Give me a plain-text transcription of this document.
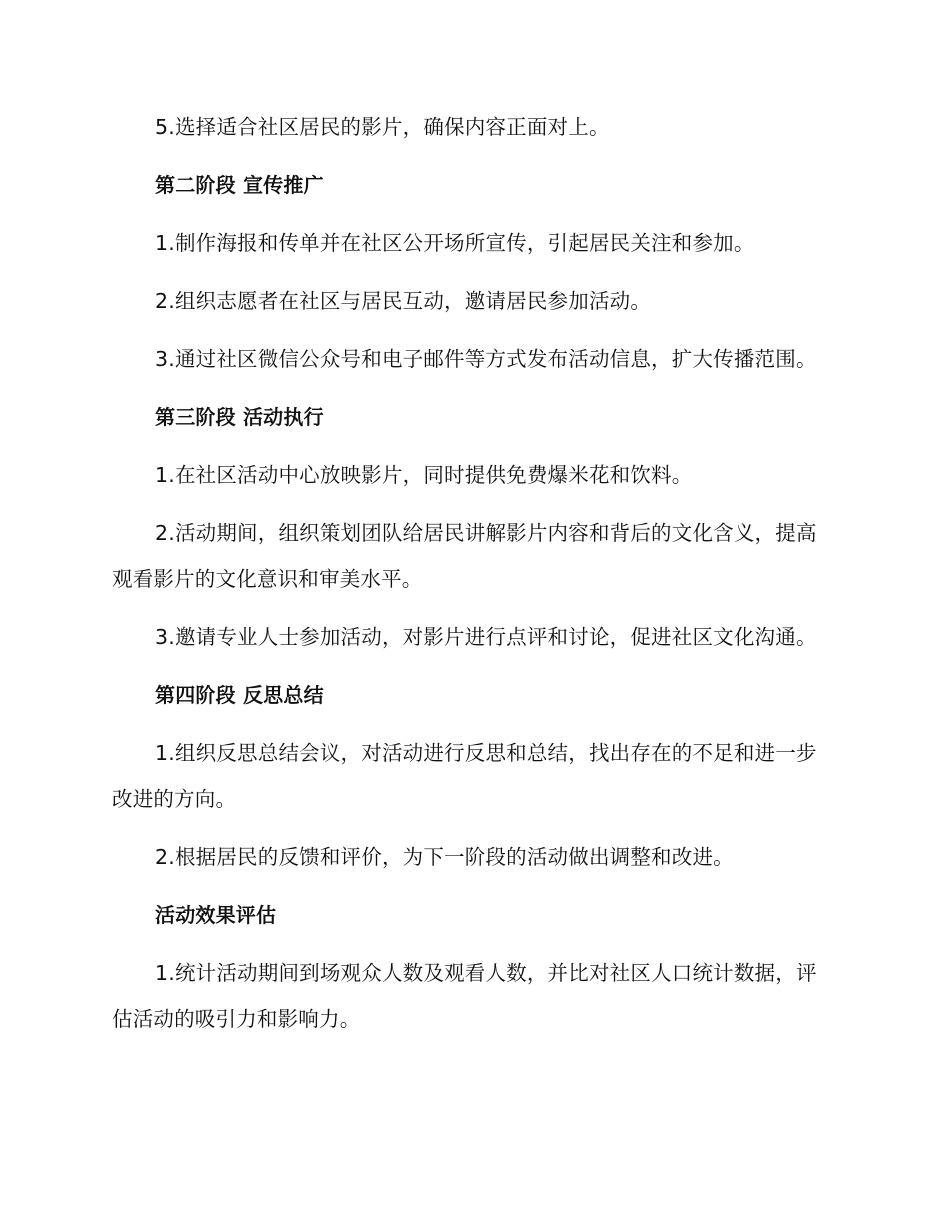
5.选择适合社区居民的影片，确保内容正面对上。

第二阶段 宣传推广

1.制作海报和传单并在社区公开场所宣传，引起居民关注和参加。

2.组织志愿者在社区与居民互动，邀请居民参加活动。

3.通过社区微信公众号和电子邮件等方式发布活动信息，扩大传播范围。

第三阶段 活动执行

1.在社区活动中心放映影片，同时提供免费爆米花和饮料。

2.活动期间，组织策划团队给居民讲解影片内容和背后的文化含义，提高观看影片的文化意识和审美水平。

3.邀请专业人士参加活动，对影片进行点评和讨论，促进社区文化沟通。

第四阶段 反思总结

1.组织反思总结会议，对活动进行反思和总结，找出存在的不足和进一步改进的方向。

2.根据居民的反馈和评价，为下一阶段的活动做出调整和改进。

活动效果评估

1.统计活动期间到场观众人数及观看人数，并比对社区人口统计数据，评估活动的吸引力和影响力。
